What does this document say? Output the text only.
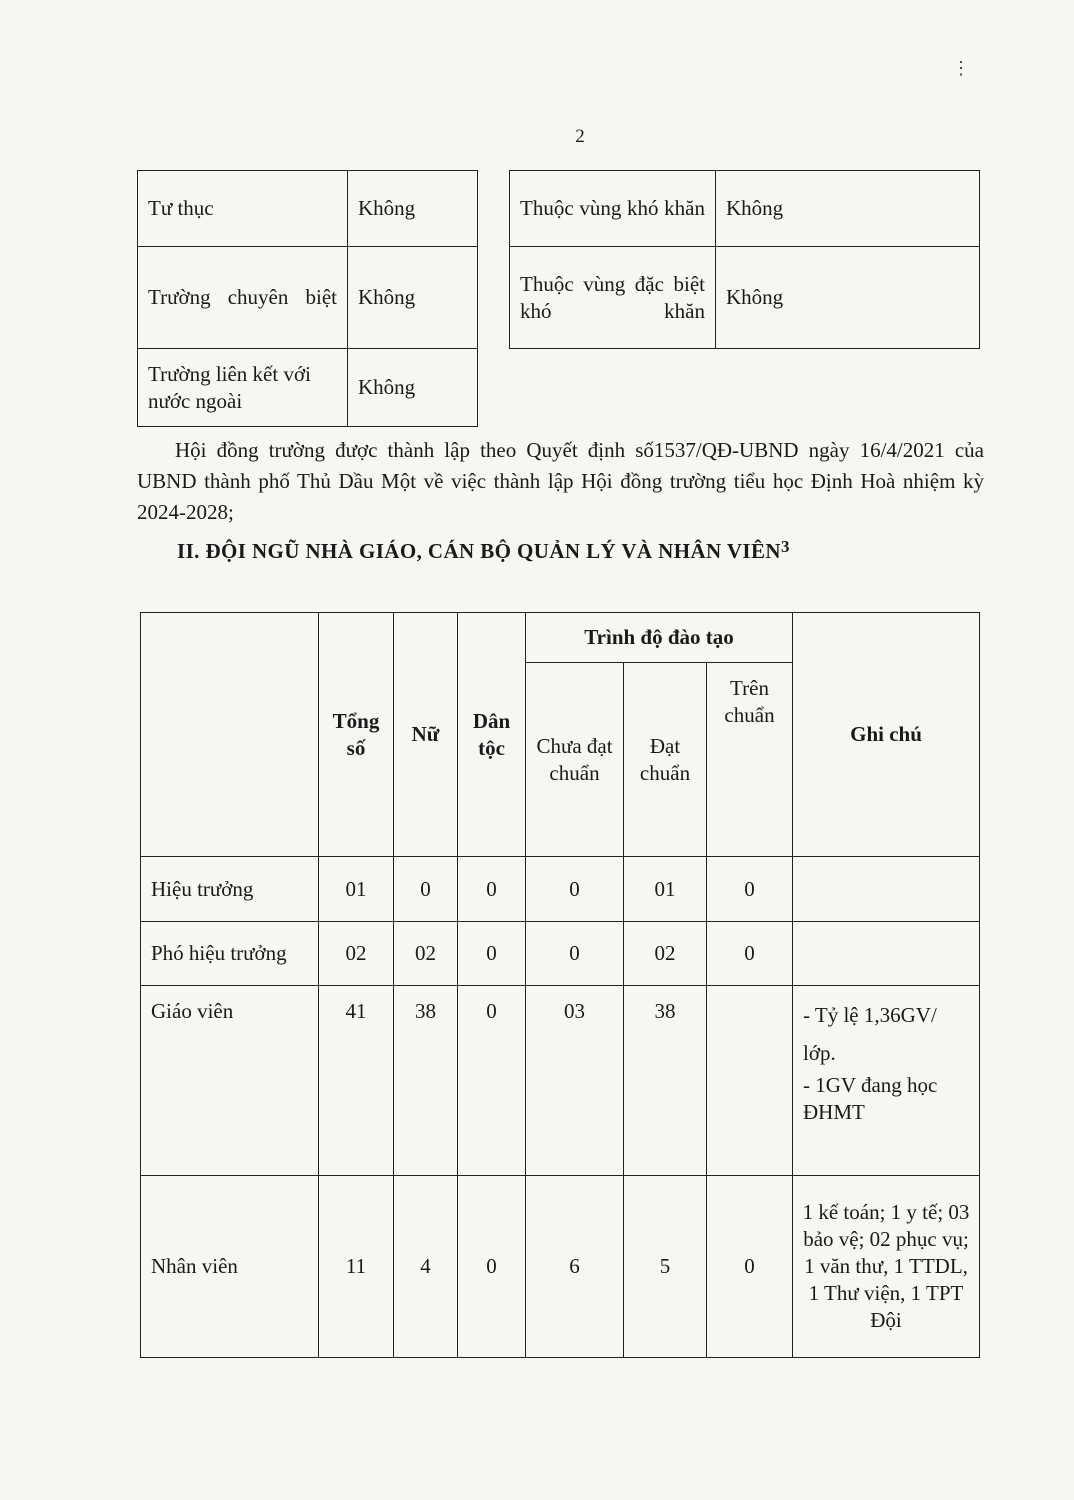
⋮
2
Tư thục	Không

Trường chuyên biệt	Không
Trường liên kết với nước ngoài	Không
Thuộc vùng khó khăn	Không

Thuộc vùng đặc biệt khó khăn	Không
Hội đồng trường được thành lập theo Quyết định số1537/QĐ-UBND ngày 16/4/2021 của UBND thành phố Thủ Dầu Một về việc thành lập Hội đồng trường tiểu học Định Hoà nhiệm kỳ 2024-2028;
II. ĐỘI NGŨ NHÀ GIÁO, CÁN BỘ QUẢN LÝ VÀ NHÂN VIÊN$^3$
	Tổng số	Nữ	Dân tộc	Trình độ đào tạo			Ghi chú
				Chưa đạt chuẩn	Đạt chuẩn	Trên chuẩn	
Hiệu trưởng	01	0	0	0	01	0	
Phó hiệu trưởng	02	02	0	0	02	0	
Giáo viên	41	38	0	03	38		- Tỷ lệ 1,36GV/ lớp.
- 1GV đang học ĐHMT

Nhân viên	11	4	0	6	5	0	1 kế toán; 1 y tế; 03 bảo vệ; 02 phục vụ; 1 văn thư, 1 TTDL, 1 Thư viện, 1 TPT Đội
